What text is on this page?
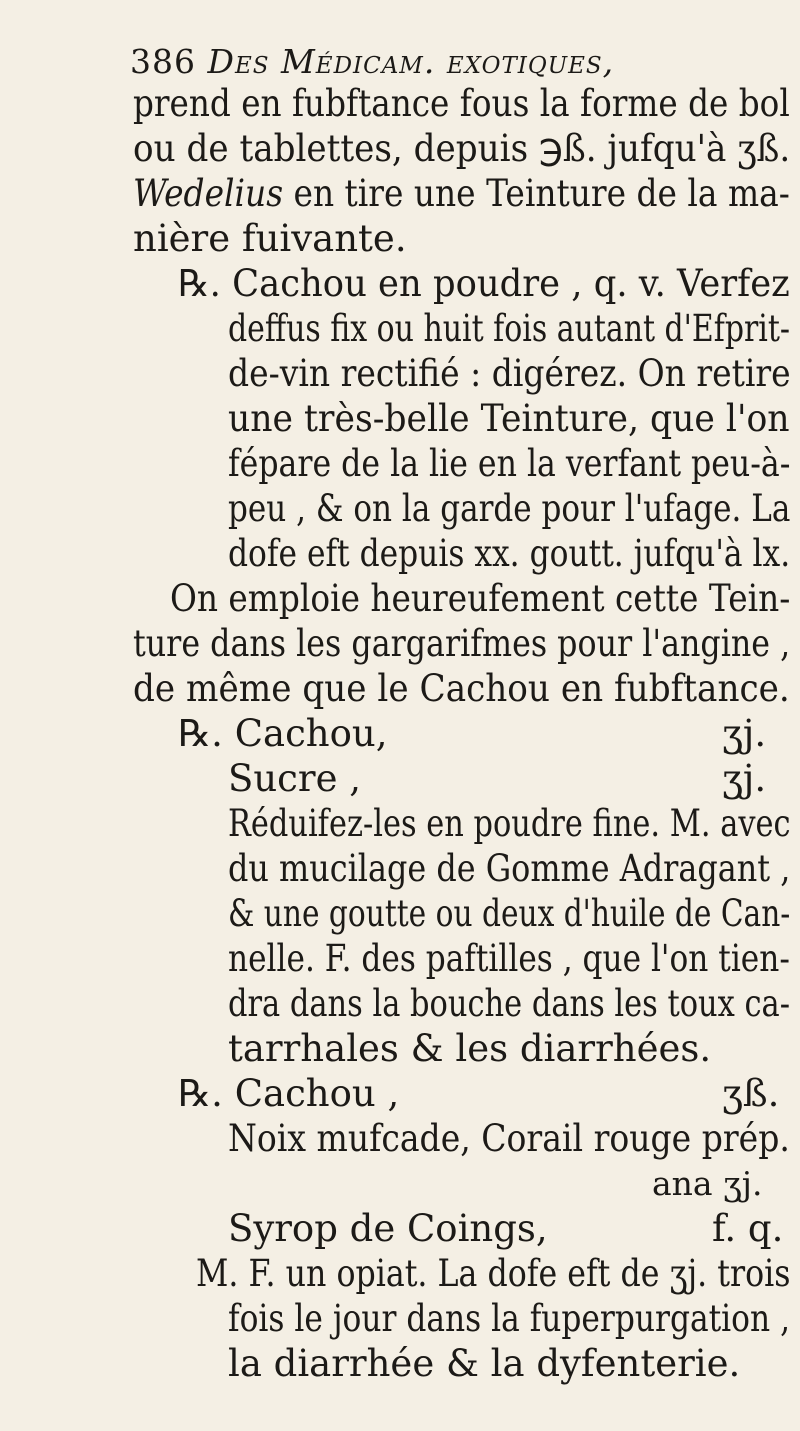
386 Des Médicam. exotiques,
prend en fubftance fous la forme de bol
ou de tablettes, depuis ℈ß. jufqu'à ʒß.
Wedelius en tire une Teinture de la ma-
nière fuivante.
℞. Cachou en poudre , q. v. Verfez
deffus fix ou huit fois autant d'Efprit-
de-vin rectifié : digérez. On retire
une très-belle Teinture, que l'on
fépare de la lie en la verfant peu-à-
peu , & on la garde pour l'ufage. La
dofe eft depuis xx. goutt. jufqu'à lx.
On emploie heureufement cette Tein-
ture dans les gargarifmes pour l'angine ,
de même que le Cachou en fubftance.
℞. Cachou,	ʒj.
Sucre ,	ʒj.
Réduifez-les en poudre fine. M. avec
du mucilage de Gomme Adragant ,
& une goutte ou deux d'huile de Can-
nelle. F. des paftilles , que l'on tien-
dra dans la bouche dans les toux ca-
tarrhales & les diarrhées.
℞. Cachou ,	ʒß.
Noix mufcade, Corail rouge prép.
ana ʒj.
Syrop de Coings,	f. q.
M. F. un opiat. La dofe eft de ʒj. trois
fois le jour dans la fuperpurgation ,
la diarrhée & la dyfenterie.
